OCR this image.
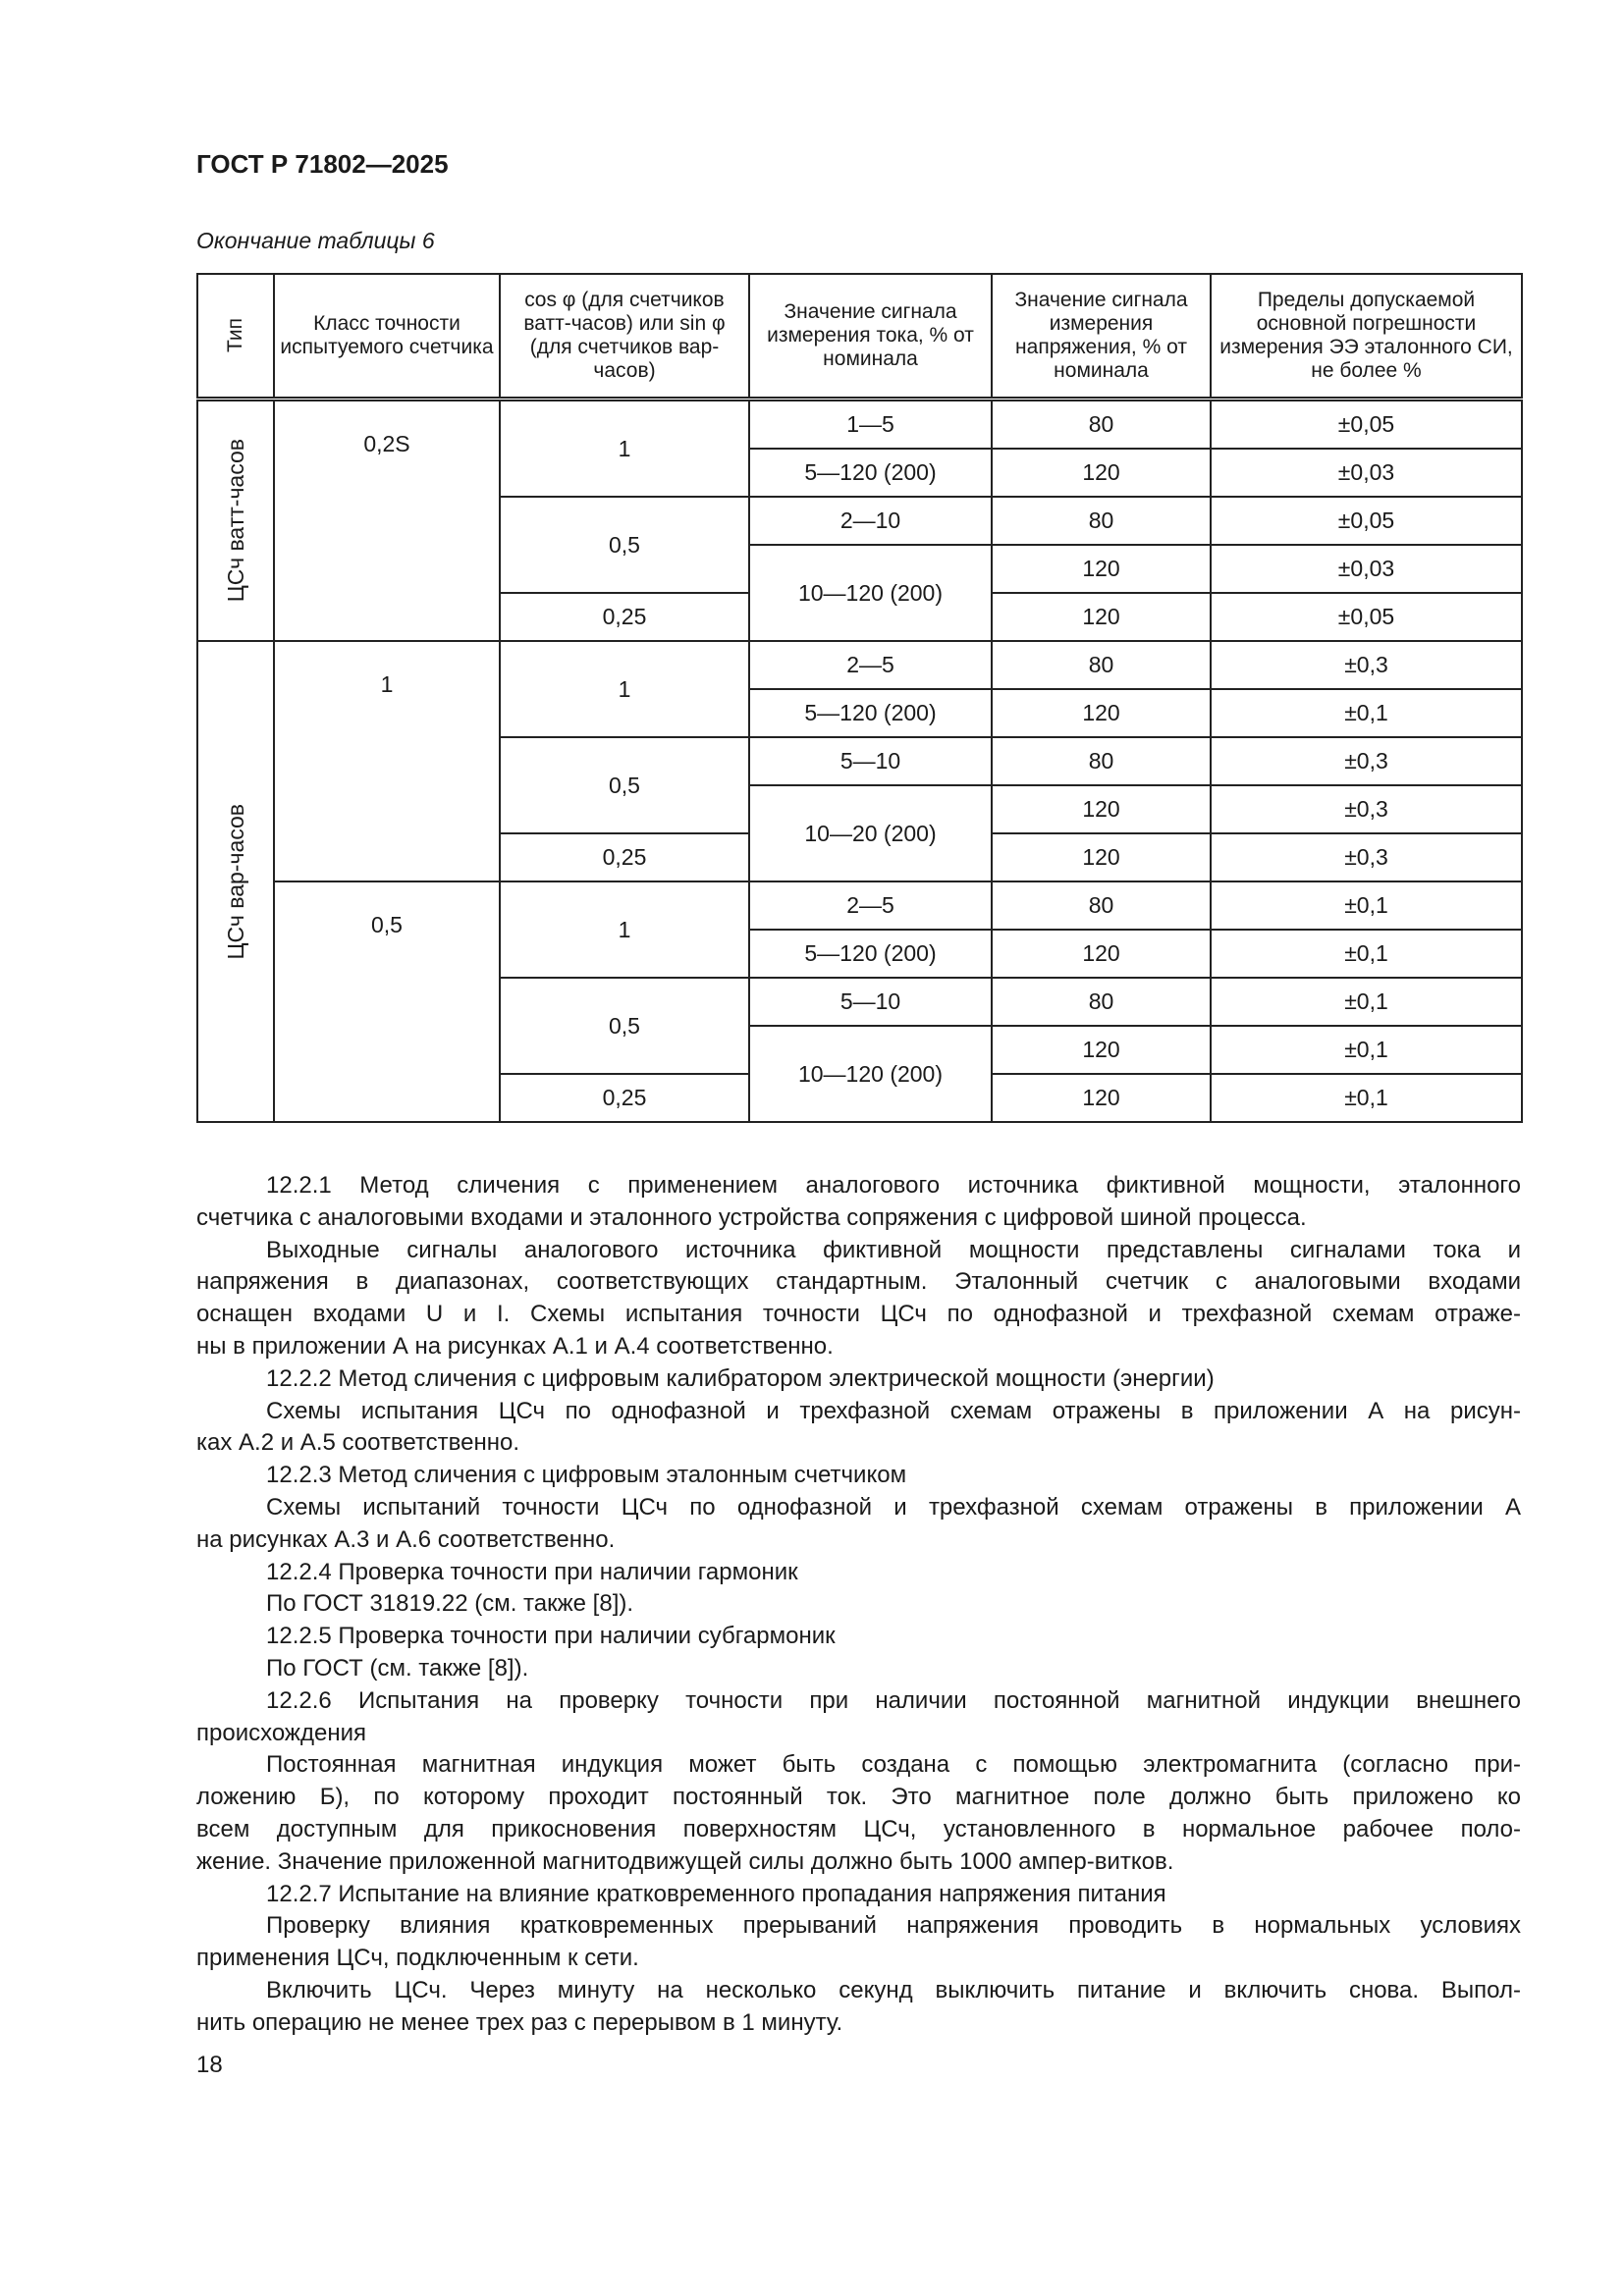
ГОСТ Р 71802—2025
Окончание таблицы 6
Тип	Класс точности испытуемого счетчика	cos φ (для счетчиков ватт-часов) или sin φ (для счетчиков вар-часов)	Значение сигнала измерения тока, % от номинала	Значение сигнала измерения напряжения, % от номинала	Пределы допускаемой основной погрешности измерения ЭЭ эталонного СИ, не более %

ЦСч ватт-часов	0,2S	1	1—5	80	±0,05
			5—120 (200)	120	±0,03
		0,5	2—10	80	±0,05
			10—120 (200)	120	±0,03
		0,25		120	±0,05

ЦСч вар-часов	1	1	2—5	80	±0,3
			5—120 (200)	120	±0,1
		0,5	5—10	80	±0,3
			10—20 (200)	120	±0,3
		0,25		120	±0,3
	0,5	1	2—5	80	±0,1
			5—120 (200)	120	±0,1
		0,5	5—10	80	±0,1
			10—120 (200)	120	±0,1
		0,25		120	±0,1
12.2.1 Метод сличения с применением аналогового источника фиктивной мощности, эталонного
счетчика с аналоговыми входами и эталонного устройства сопряжения с цифровой шиной процесса.
Выходные сигналы аналогового источника фиктивной мощности представлены сигналами тока и
напряжения в диапазонах, соответствующих стандартным. Эталонный счетчик с аналоговыми входами
оснащен входами U и I. Схемы испытания точности ЦСч по однофазной и трехфазной схемам отраже-
ны в приложении А на рисунках А.1 и А.4 соответственно.
12.2.2 Метод сличения с цифровым калибратором электрической мощности (энергии)
Схемы испытания ЦСч по однофазной и трехфазной схемам отражены в приложении А на рисун-
ках А.2 и А.5 соответственно.
12.2.3 Метод сличения с цифровым эталонным счетчиком
Схемы испытаний точности ЦСч по однофазной и трехфазной схемам отражены в приложении А
на рисунках А.3 и А.6 соответственно.
12.2.4 Проверка точности при наличии гармоник
По ГОСТ 31819.22 (см. также [8]).
12.2.5 Проверка точности при наличии субгармоник
По ГОСТ (см. также [8]).
12.2.6 Испытания на проверку точности при наличии постоянной магнитной индукции внешнего
происхождения
Постоянная магнитная индукция может быть создана с помощью электромагнита (согласно при-
ложению Б), по которому проходит постоянный ток. Это магнитное поле должно быть приложено ко
всем доступным для прикосновения поверхностям ЦСч, установленного в нормальное рабочее поло-
жение. Значение приложенной магнитодвижущей силы должно быть 1000 ампер-витков.
12.2.7 Испытание на влияние кратковременного пропадания напряжения питания
Проверку влияния кратковременных прерываний напряжения проводить в нормальных условиях
применения ЦСч, подключенным к сети.
Включить ЦСч. Через минуту на несколько секунд выключить питание и включить снова. Выпол-
нить операцию не менее трех раз с перерывом в 1 минуту.
18
